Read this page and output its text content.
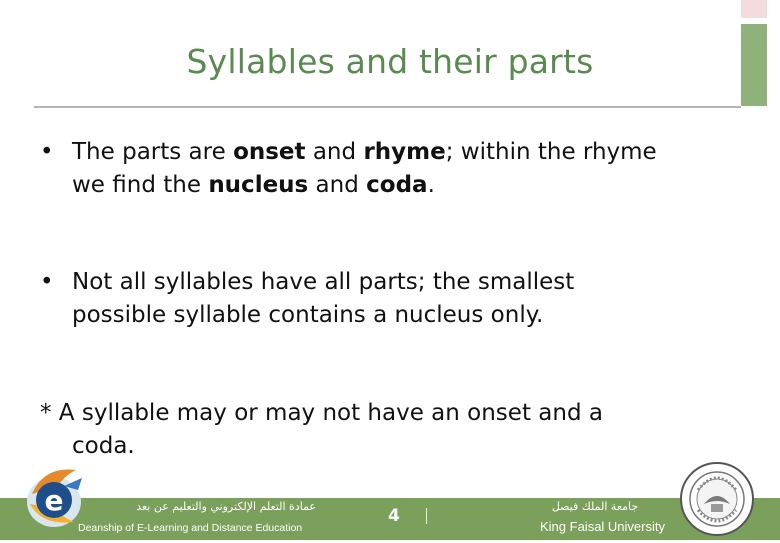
Syllables and their parts
• The parts are onset and rhyme; within the rhyme
we find the nucleus and coda.
• Not all syllables have all parts; the smallest
possible syllable contains a nucleus only.
* A syllable may or may not have an onset and a
coda.
e	عمادة التعلم الإلكتروني والتعليم عن بعد
Deanship of E-Learning and Distance Education
4	جامعة الملك فيصل
King Faisal University
